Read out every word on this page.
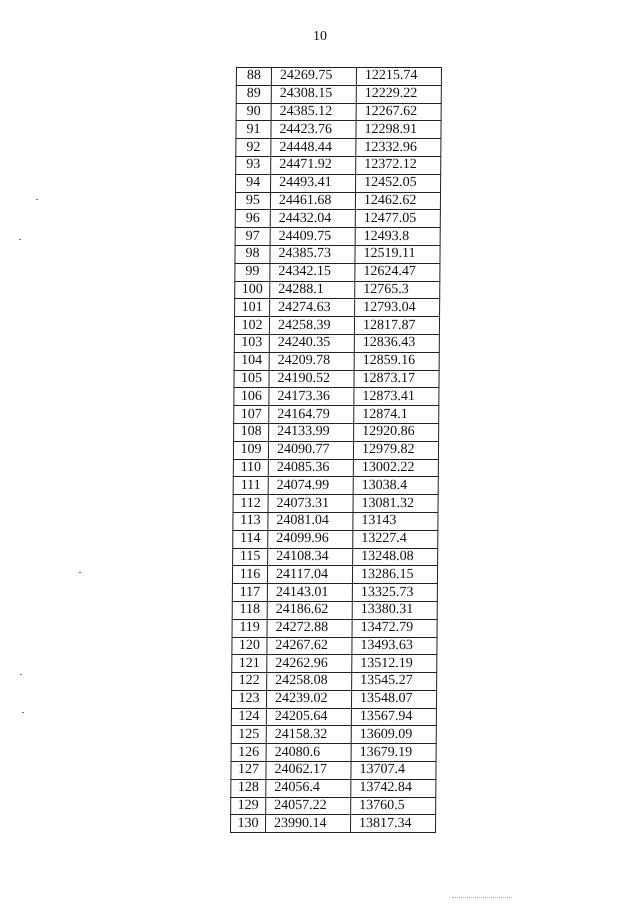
10
88	24269.75	12215.74
89	24308.15	12229.22
90	24385.12	12267.62
91	24423.76	12298.91
92	24448.44	12332.96
93	24471.92	12372.12
94	24493.41	12452.05
95	24461.68	12462.62
96	24432.04	12477.05
97	24409.75	12493.8
98	24385.73	12519.11
99	24342.15	12624.47
100	24288.1	12765.3
101	24274.63	12793.04
102	24258.39	12817.87
103	24240.35	12836.43
104	24209.78	12859.16
105	24190.52	12873.17
106	24173.36	12873.41
107	24164.79	12874.1
108	24133.99	12920.86
109	24090.77	12979.82
110	24085.36	13002.22
111	24074.99	13038.4
112	24073.31	13081.32
113	24081.04	13143
114	24099.96	13227.4
115	24108.34	13248.08
116	24117.04	13286.15
117	24143.01	13325.73
118	24186.62	13380.31
119	24272.88	13472.79
120	24267.62	13493.63
121	24262.96	13512.19
122	24258.08	13545.27
123	24239.02	13548.07
124	24205.64	13567.94
125	24158.32	13609.09
126	24080.6	13679.19
127	24062.17	13707.4
128	24056.4	13742.84
129	24057.22	13760.5
130	23990.14	13817.34
